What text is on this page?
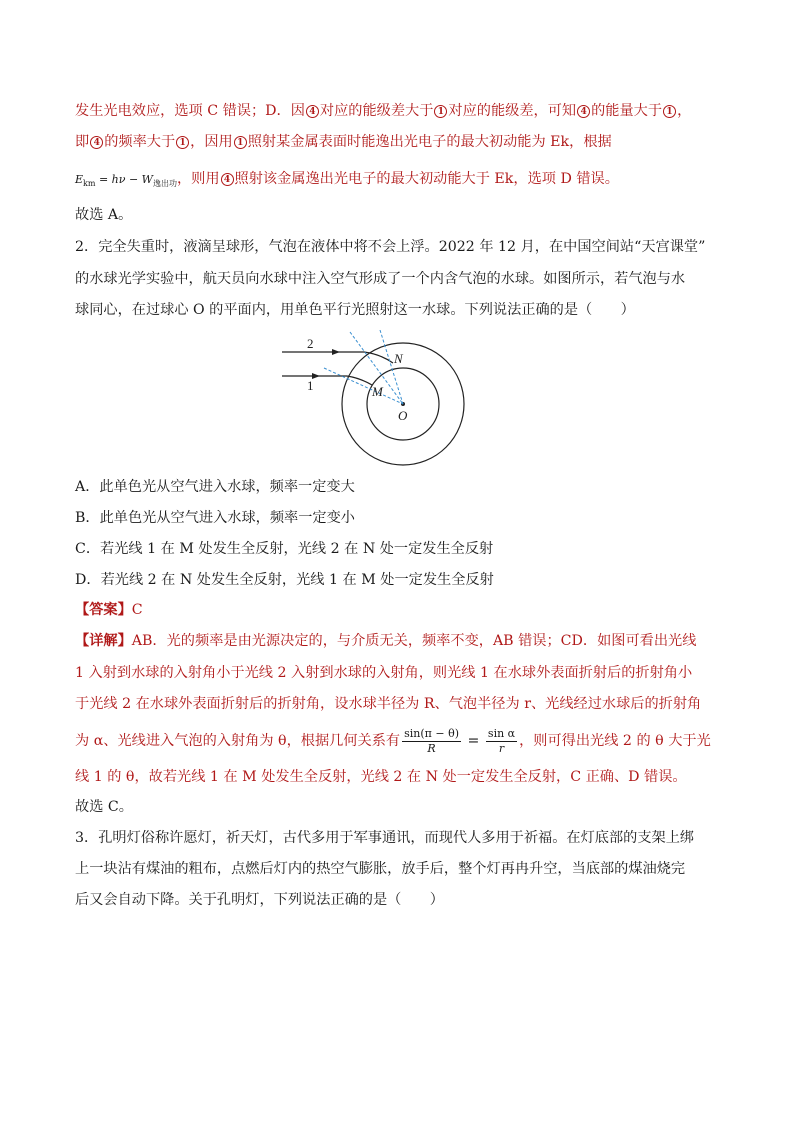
发生光电效应，选项 C 错误；D．因 4 对应的能级差大于 1 对应的能级差，可知 4 的能量大于 1 ，
即 4 的频率大于 1 ，因用 1 照射某金属表面时能逸出光电子的最大初动能为 Ek，根据
$E_{km} = h\nu - W_{逸出功}$，则用 4 照射该金属逸出光电子的最大初动能大于 Ek，选项 D 错误。
故选 A。
2．完全失重时，液滴呈球形，气泡在液体中将不会上浮。2022 年 12 月，在中国空间站“天宫课堂”
的水球光学实验中，航天员向水球中注入空气形成了一个内含气泡的水球。如图所示，若气泡与水
球同心，在过球心 O 的平面内，用单色平行光照射这一水球。下列说法正确的是（　　）
2
1
N
M
O
A．此单色光从空气进入水球，频率一定变大
B．此单色光从空气进入水球，频率一定变小
C．若光线 1 在 M 处发生全反射，光线 2 在 N 处一定发生全反射
D．若光线 2 在 N 处发生全反射，光线 1 在 M 处一定发生全反射
【答案】C
【详解】AB．光的频率是由光源决定的，与介质无关，频率不变，AB 错误；CD．如图可看出光线
1 入射到水球的入射角小于光线 2 入射到水球的入射角，则光线 1 在水球外表面折射后的折射角小
于光线 2 在水球外表面折射后的折射角，设水球半径为 R、气泡半径为 r、光线经过水球后的折射角
为 α、光线进入气泡的入射角为 θ，根据几何关系有 $\frac{\sin(\pi - \theta)}{R} = \frac{\text{sin α}}{r}$ ，则可得出光线 2 的 θ 大于光
线 1 的 θ，故若光线 1 在 M 处发生全反射，光线 2 在 N 处一定发生全反射，C 正确、D 错误。
故选 C。
3．孔明灯俗称许愿灯，祈天灯，古代多用于军事通讯，而现代人多用于祈福。在灯底部的支架上绑
上一块沾有煤油的粗布，点燃后灯内的热空气膨胀，放手后，整个灯再冉升空，当底部的煤油烧完
后又会自动下降。关于孔明灯，下列说法正确的是（　　）
